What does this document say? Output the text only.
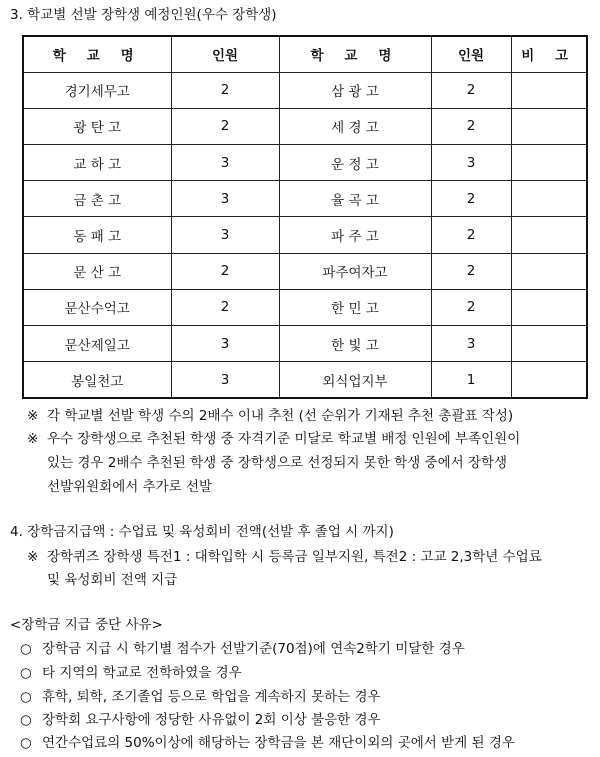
3. 학교별 선발 장학생 예정인원(우수 장학생)
학 교 명	인원	학 교 명	인원	비 고
경기세무고	2	삼 광 고	2	
광 탄 고	2	세 경 고	2	
교 하 고	3	운 정 고	3	
금 촌 고	3	율 곡 고	2	
동 패 고	3	파 주 고	2	
문 산 고	2	파주여자고	2	
문산수억고	2	한 민 고	2	
문산제일고	3	한 빛 고	3	
봉일천고	3	외식업지부	1	
※ 각 학교별 선발 학생 수의 2배수 이내 추천 (선 순위가 기재된 추천 총괄표 작성)
※ 우수 장학생으로 추천된 학생 중 자격기준 미달로 학교별 배정 인원에 부족인원이
있는 경우 2배수 추천된 학생 중 장학생으로 선정되지 못한 학생 중에서 장학생
선발위원회에서 추가로 선발
4. 장학금지급액 : 수업료 및 육성회비 전액(선발 후 졸업 시 까지)
※ 장학퀴즈 장학생 특전1 : 대학입학 시 등록금 일부지원, 특전2 : 고교 2,3학년 수업료
및 육성회비 전액 지급
<장학금 지급 중단 사유>
○ 장학금 지급 시 학기별 점수가 선발기준(70점)에 연속2학기 미달한 경우
○ 타 지역의 학교로 전학하였을 경우
○ 휴학, 퇴학, 조기졸업 등으로 학업을 계속하지 못하는 경우
○ 장학회 요구사항에 정당한 사유없이 2회 이상 불응한 경우
○ 연간수업료의 50%이상에 해당하는 장학금을 본 재단이외의 곳에서 받게 된 경우
